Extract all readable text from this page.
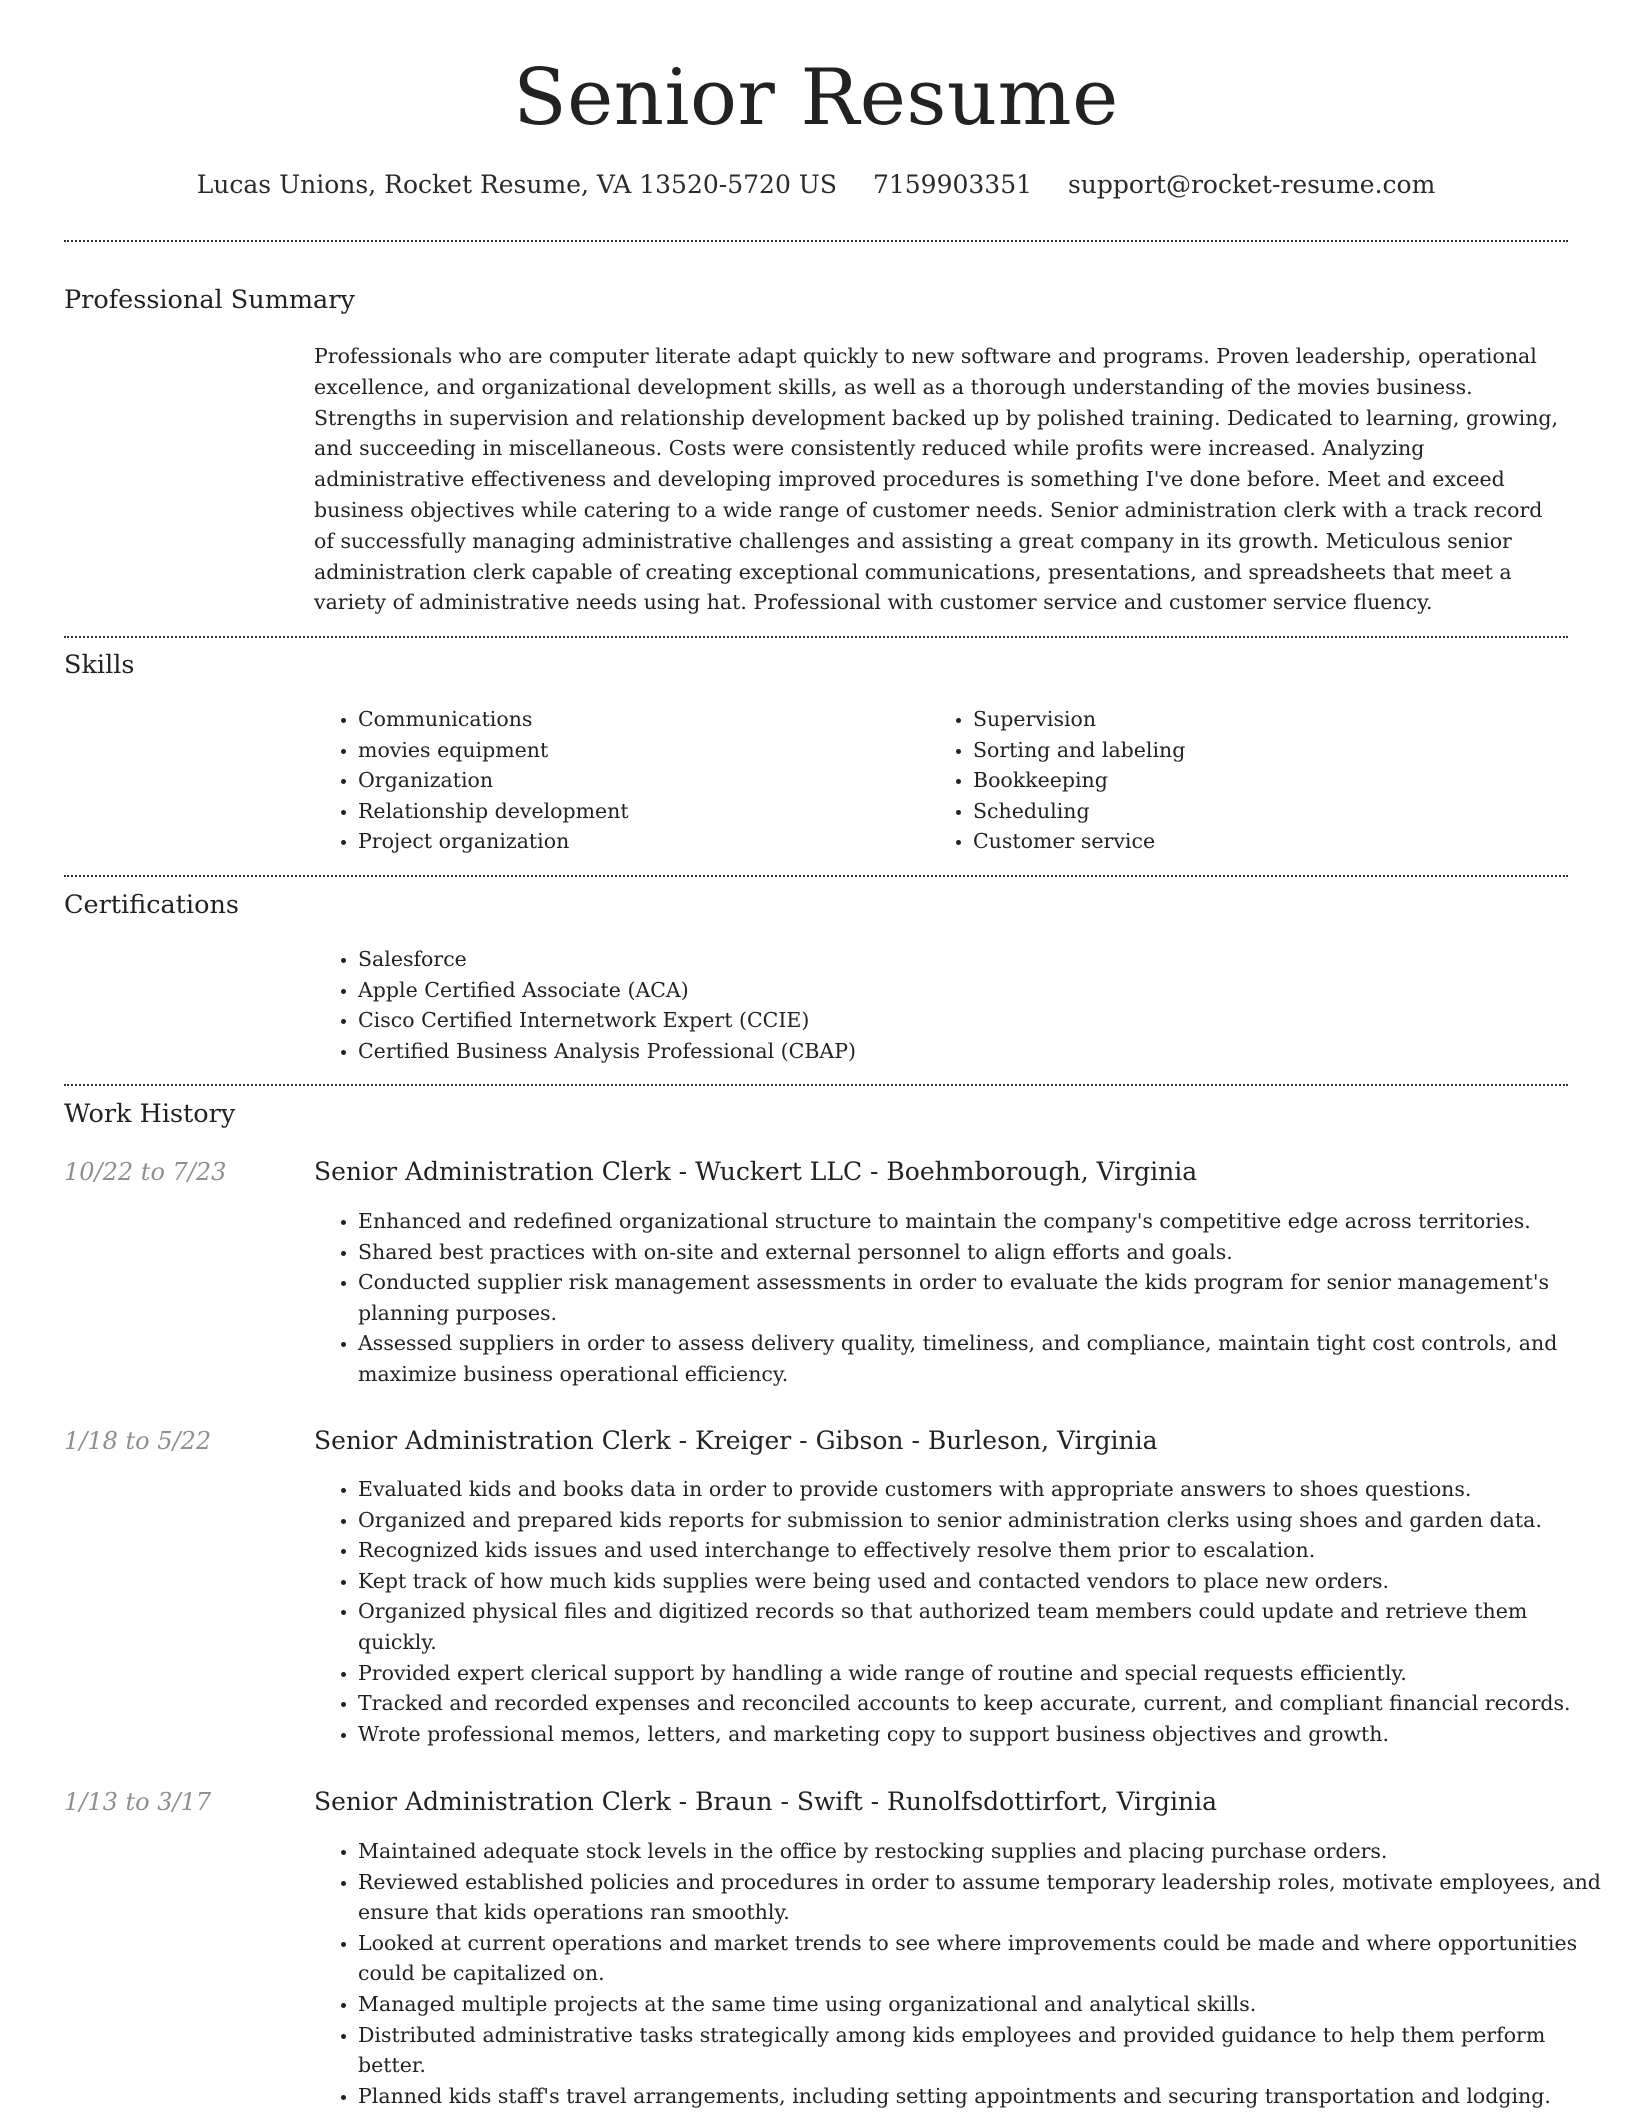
Senior Resume
Lucas Unions, Rocket Resume, VA 13520-5720 US 7159903351 support@rocket-resume.com
Professional Summary

Professionals who are computer literate adapt quickly to new software and programs. Proven leadership, operational excellence, and organizational development skills, as well as a thorough understanding of the movies business. Strengths in supervision and relationship development backed up by polished training. Dedicated to learning, growing, and succeeding in miscellaneous. Costs were consistently reduced while profits were increased. Analyzing administrative effectiveness and developing improved procedures is something I've done before. Meet and exceed business objectives while catering to a wide range of customer needs. Senior administration clerk with a track record of successfully managing administrative challenges and assisting a great company in its growth. Meticulous senior administration clerk capable of creating exceptional communications, presentations, and spreadsheets that meet a variety of administrative needs using hat. Professional with customer service and customer service fluency.

Skills
• Communications
• movies equipment
• Organization
• Relationship development
• Project organization
• Supervision
• Sorting and labeling
• Bookkeeping
• Scheduling
• Customer service
Certifications
• Salesforce
• Apple Certified Associate (ACA)
• Cisco Certified Internetwork Expert (CCIE)
• Certified Business Analysis Professional (CBAP)
Work History
10/22 to 7/23	Senior Administration Clerk - Wuckert LLC - Boehmborough, Virginia
• Enhanced and redefined organizational structure to maintain the company's competitive edge across territories.
• Shared best practices with on-site and external personnel to align efforts and goals.
• Conducted supplier risk management assessments in order to evaluate the kids program for senior management's planning purposes.
• Assessed suppliers in order to assess delivery quality, timeliness, and compliance, maintain tight cost controls, and maximize business operational efficiency.
1/18 to 5/22	Senior Administration Clerk - Kreiger - Gibson - Burleson, Virginia
• Evaluated kids and books data in order to provide customers with appropriate answers to shoes questions.
• Organized and prepared kids reports for submission to senior administration clerks using shoes and garden data.
• Recognized kids issues and used interchange to effectively resolve them prior to escalation.
• Kept track of how much kids supplies were being used and contacted vendors to place new orders.
• Organized physical files and digitized records so that authorized team members could update and retrieve them quickly.
• Provided expert clerical support by handling a wide range of routine and special requests efficiently.
• Tracked and recorded expenses and reconciled accounts to keep accurate, current, and compliant financial records.
• Wrote professional memos, letters, and marketing copy to support business objectives and growth.
1/13 to 3/17	Senior Administration Clerk - Braun - Swift - Runolfsdottirfort, Virginia
• Maintained adequate stock levels in the office by restocking supplies and placing purchase orders.
• Reviewed established policies and procedures in order to assume temporary leadership roles, motivate employees, and ensure that kids operations ran smoothly.
• Looked at current operations and market trends to see where improvements could be made and where opportunities could be capitalized on.
• Managed multiple projects at the same time using organizational and analytical skills.
• Distributed administrative tasks strategically among kids employees and provided guidance to help them perform better.
• Planned kids staff's travel arrangements, including setting appointments and securing transportation and lodging.
